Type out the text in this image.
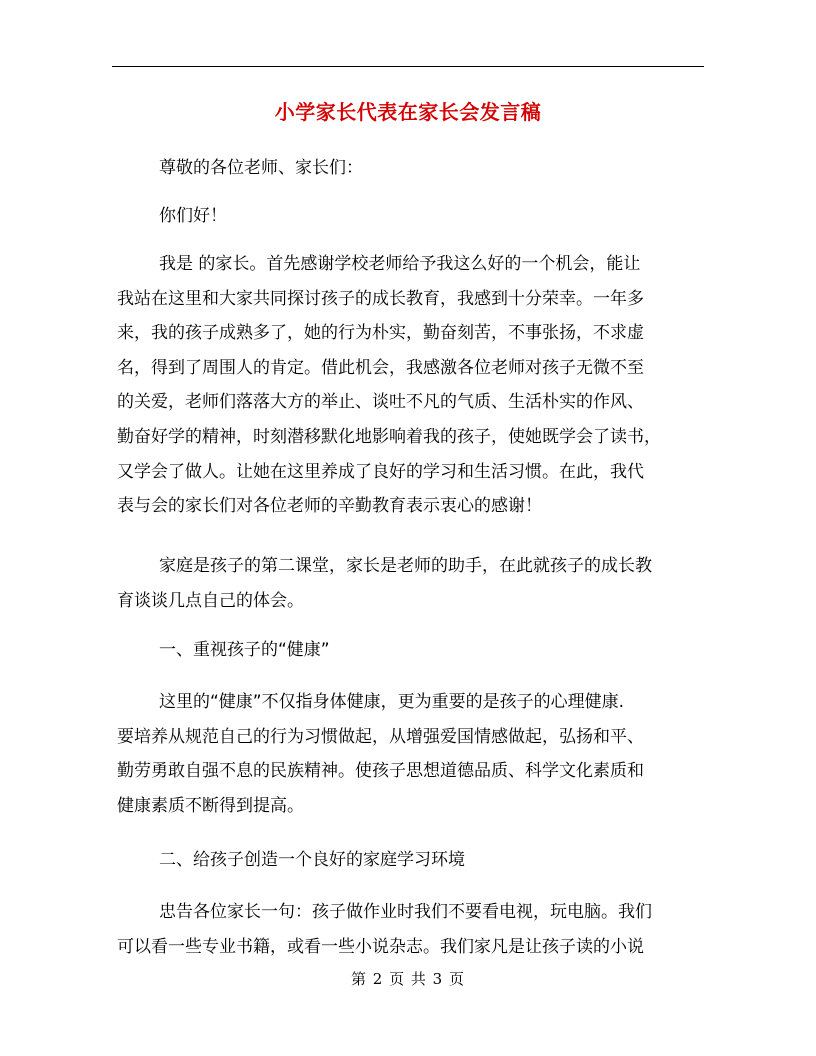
小学家长代表在家长会发言稿
尊敬的各位老师、家长们：
你们好！
我是 的家长。首先感谢学校老师给予我这么好的一个机会，能让
我站在这里和大家共同探讨孩子的成长教育，我感到十分荣幸。一年多
来，我的孩子成熟多了，她的行为朴实，勤奋刻苦，不事张扬，不求虚
名，得到了周围人的肯定。借此机会，我感激各位老师对孩子无微不至
的关爱，老师们落落大方的举止、谈吐不凡的气质、生活朴实的作风、
勤奋好学的精神，时刻潜移默化地影响着我的孩子，使她既学会了读书，
又学会了做人。让她在这里养成了良好的学习和生活习惯。在此，我代
表与会的家长们对各位老师的辛勤教育表示衷心的感谢！
家庭是孩子的第二课堂，家长是老师的助手，在此就孩子的成长教
育谈谈几点自己的体会。
一、重视孩子的“健康”
这里的“健康”不仅指身体健康，更为重要的是孩子的心理健康.
要培养从规范自己的行为习惯做起，从增强爱国情感做起，弘扬和平、
勤劳勇敢自强不息的民族精神。使孩子思想道德品质、科学文化素质和
健康素质不断得到提高。
二、给孩子创造一个良好的家庭学习环境
忠告各位家长一句：孩子做作业时我们不要看电视，玩电脑。我们
可以看一些专业书籍，或看一些小说杂志。我们家凡是让孩子读的小说
第 2 页 共 3 页
